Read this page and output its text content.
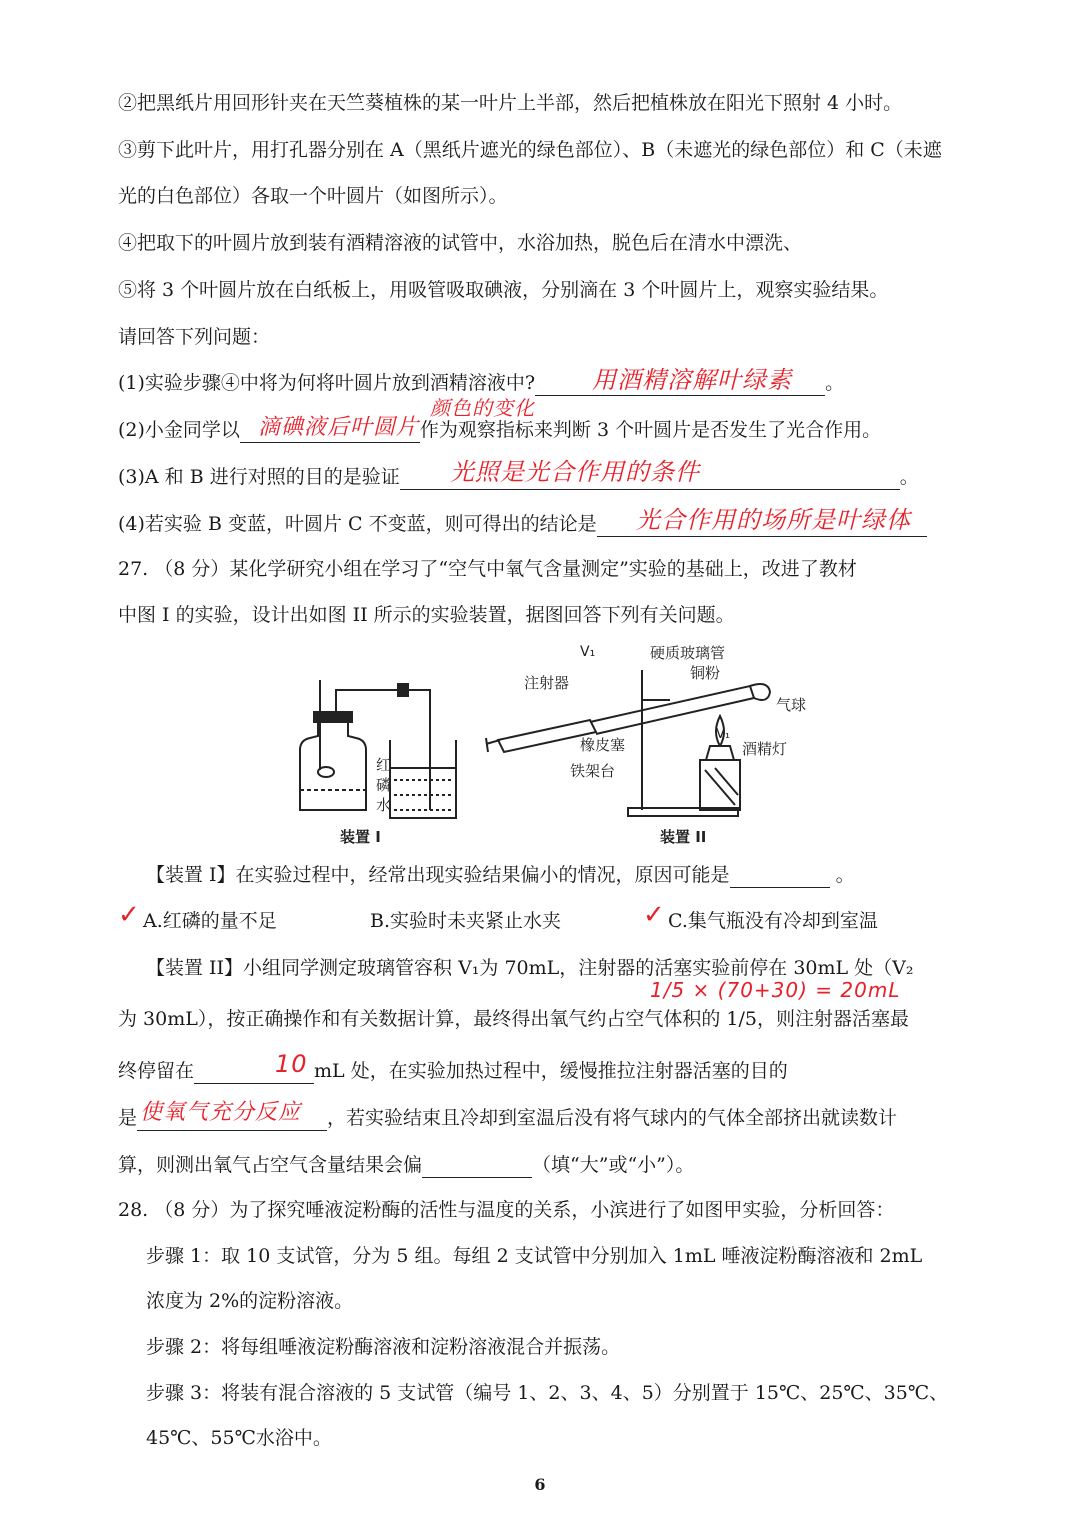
②把黑纸片用回形针夹在天竺葵植株的某一叶片上半部，然后把植株放在阳光下照射 4 小时。
③剪下此叶片，用打孔器分别在 A（黑纸片遮光的绿色部位）、B（未遮光的绿色部位）和 C（未遮
光的白色部位）各取一个叶圆片（如图所示）。
④把取下的叶圆片放到装有酒精溶液的试管中，水浴加热，脱色后在清水中漂洗、
⑤将 3 个叶圆片放在白纸板上，用吸管吸取碘液，分别滴在 3 个叶圆片上，观察实验结果。
请回答下列问题：
(1)实验步骤④中将为何将叶圆片放到酒精溶液中?	。
用酒精溶解叶绿素
(2)小金同学以	作为观察指标来判断 3 个叶圆片是否发生了光合作用。
滴碘液后叶圆片
颜色的变化
(3)A 和 B 进行对照的目的是验证	。
光照是光合作用的条件
(4)若实验 B 变蓝，叶圆片 C 不变蓝，则可得出的结论是	光合作用的场所是叶绿体
27. （8 分）某化学研究小组在学习了“空气中氧气含量测定”实验的基础上，改进了教材
中图 I 的实验，设计出如图 II 所示的实验装置，据图回答下列有关问题。
红
磷
水
装置 I
V₁	硬质玻璃管
铜粉
注射器
气球
V₁
橡皮塞	酒精灯
铁架台
装置 II
【装置 I】在实验过程中，经常出现实验结果偏小的情况，原因可能是	。
A.红磷的量不足	B.实验时未夹紧止水夹	C.集气瓶没有冷却到室温
✓	✓
【装置 II】小组同学测定玻璃管容积 V₁为 70mL，注射器的活塞实验前停在 30mL 处（V₂
1/5 × (70+30) = 20mL
为 30mL），按正确操作和有关数据计算，最终得出氧气约占空气体积的 1/5，则注射器活塞最
终停留在	mL 处，在实验加热过程中，缓慢推拉注射器活塞的目的
10
是	，若实验结束且冷却到室温后没有将气球内的气体全部挤出就读数计
使氧气充分反应
算，则测出氧气占空气含量结果会偏	（填“大”或“小”）。
28. （8 分）为了探究唾液淀粉酶的活性与温度的关系，小滨进行了如图甲实验，分析回答：
步骤 1：取 10 支试管，分为 5 组。每组 2 支试管中分别加入 1mL 唾液淀粉酶溶液和 2mL
浓度为 2%的淀粉溶液。
步骤 2：将每组唾液淀粉酶溶液和淀粉溶液混合并振荡。
步骤 3：将装有混合溶液的 5 支试管（编号 1、2、3、4、5）分别置于 15℃、25℃、35℃、
45℃、55℃水浴中。
6
